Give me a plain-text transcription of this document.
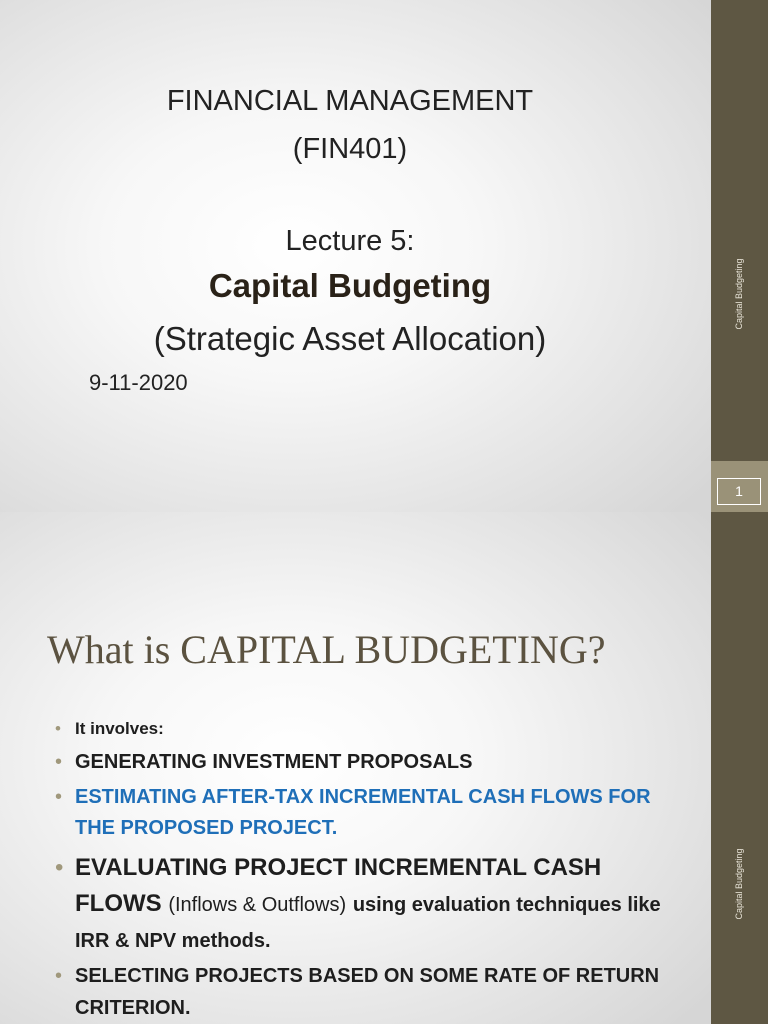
FINANCIAL MANAGEMENT
(FIN401)
Lecture 5:
Capital Budgeting
(Strategic Asset Allocation)
9-11-2020
Capital Budgeting
1
What is CAPITAL BUDGETING?
• It involves:
• GENERATING INVESTMENT PROPOSALS
• ESTIMATING AFTER-TAX INCREMENTAL CASH FLOWS FOR THE PROPOSED PROJECT.
• EVALUATING PROJECT INCREMENTAL CASH FLOWS (Inflows & Outflows) using evaluation techniques like IRR & NPV methods.
• SELECTING PROJECTS BASED ON SOME RATE OF RETURN CRITERION.
Capital Budgeting
